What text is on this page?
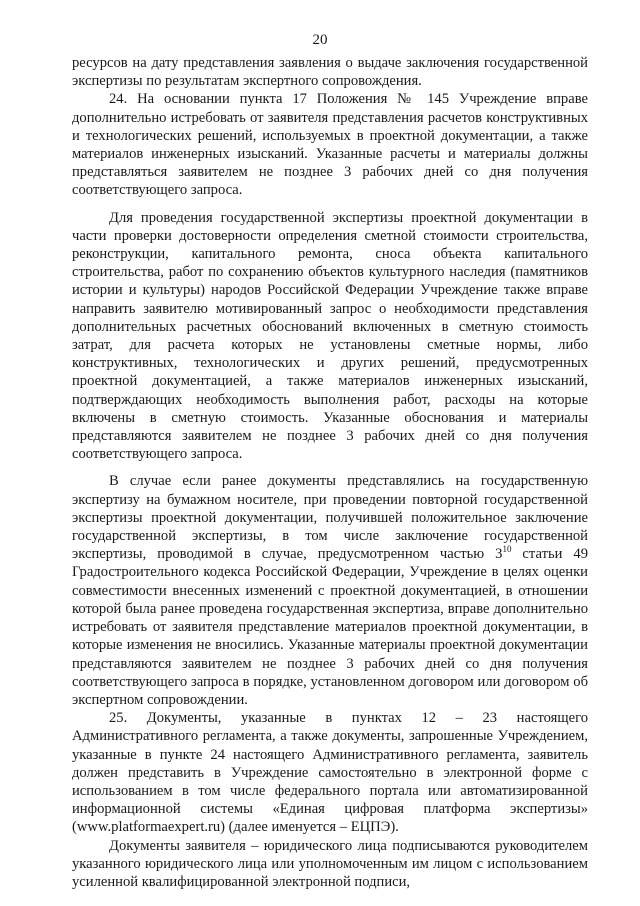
20

ресурсов на дату представления заявления о выдаче заключения государственной экспертизы по результатам экспертного сопровождения.

24. На основании пункта 17 Положения № 145 Учреждение вправе дополнительно истребовать от заявителя представления расчетов конструктивных и технологических решений, используемых в проектной документации, а также материалов инженерных изысканий. Указанные расчеты и материалы должны представляться заявителем не позднее 3 рабочих дней со дня получения соответствующего запроса.

Для проведения государственной экспертизы проектной документации в части проверки достоверности определения сметной стоимости строительства, реконструкции, капитального ремонта, сноса объекта капитального строительства, работ по сохранению объектов культурного наследия (памятников истории и культуры) народов Российской Федерации Учреждение также вправе направить заявителю мотивированный запрос о необходимости представления дополнительных расчетных обоснований включенных в сметную стоимость затрат, для расчета которых не установлены сметные нормы, либо конструктивных, технологических и других решений, предусмотренных проектной документацией, а также материалов инженерных изысканий, подтверждающих необходимость выполнения работ, расходы на которые включены в сметную стоимость. Указанные обоснования и материалы представляются заявителем не позднее 3 рабочих дней со дня получения соответствующего запроса.

В случае если ранее документы представлялись на государственную экспертизу на бумажном носителе, при проведении повторной государственной экспертизы проектной документации, получившей положительное заключение государственной экспертизы, в том числе заключение государственной экспертизы, проводимой в случае, предусмотренном частью $3^{10}$ статьи 49 Градостроительного кодекса Российской Федерации, Учреждение в целях оценки совместимости внесенных изменений с проектной документацией, в отношении которой была ранее проведена государственная экспертиза, вправе дополнительно истребовать от заявителя представление материалов проектной документации, в которые изменения не вносились. Указанные материалы проектной документации представляются заявителем не позднее 3 рабочих дней со дня получения соответствующего запроса в порядке, установленном договором или договором об экспертном сопровождении.

25. Документы, указанные в пунктах 12 – 23 настоящего Административного регламента, а также документы, запрошенные Учреждением, указанные в пункте 24 настоящего Административного регламента, заявитель должен представить в Учреждение самостоятельно в электронной форме с использованием в том числе федерального портала или автоматизированной информационной системы «Единая цифровая платформа экспертизы» (www.platformaexpert.ru) (далее именуется – ЕЦПЭ).

Документы заявителя – юридического лица подписываются руководителем указанного юридического лица или уполномоченным им лицом с использованием усиленной квалифицированной электронной подписи,
